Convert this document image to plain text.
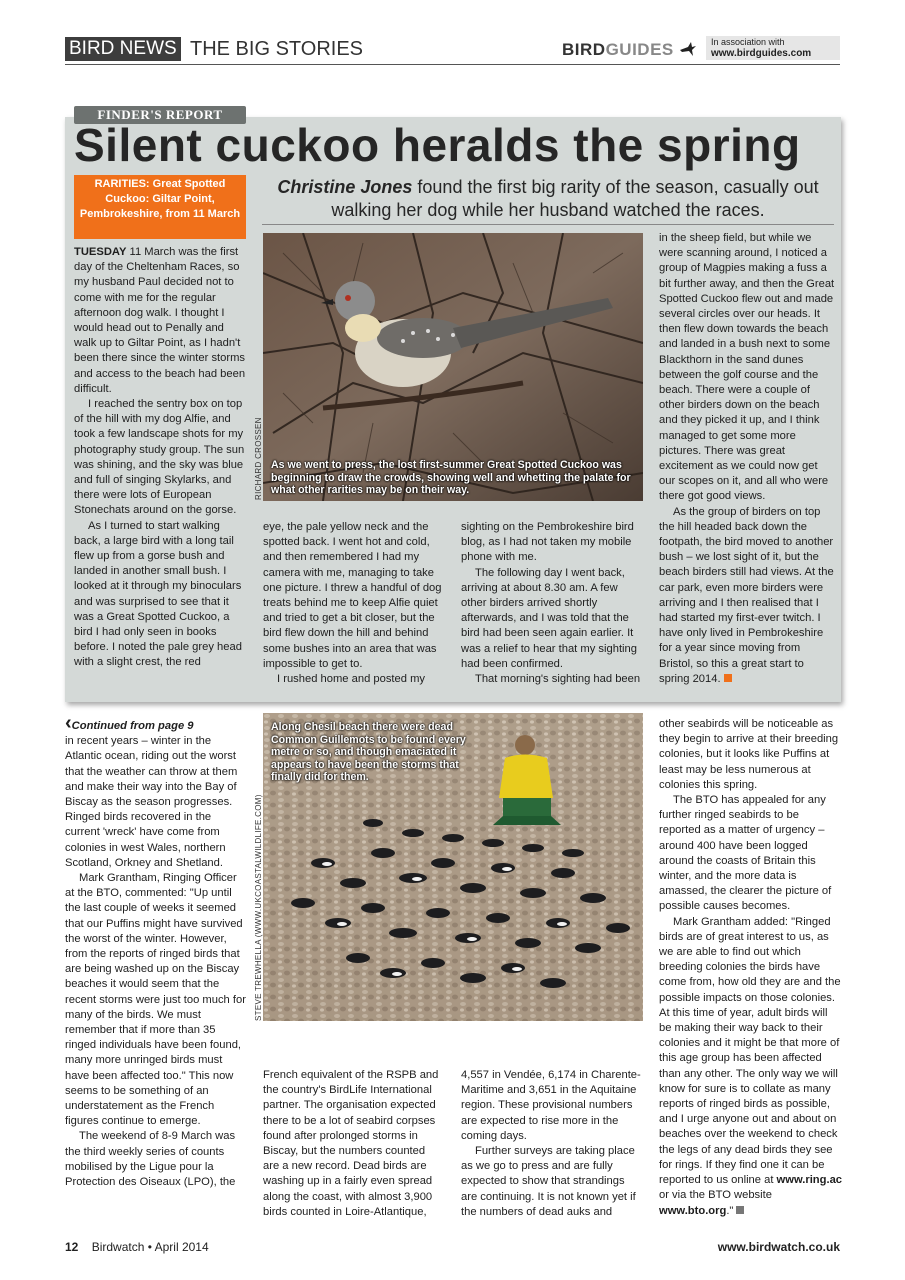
BIRD NEWS THE BIG STORIES	BIRDGUIDES	In association with
www.birdguides.com
FINDER'S REPORT
Silent cuckoo heralds the spring
RARITIES: Great Spotted Cuckoo: Giltar Point, Pembrokeshire, from 11 March
Christine Jones found the first big rarity of the season, casually out walking her dog while her husband watched the races.

TUESDAY 11 March was the first day of the Cheltenham Races, so my husband Paul decided not to come with me for the regular afternoon dog walk. I thought I would head out to Penally and walk up to Giltar Point, as I hadn't been there since the winter storms and access to the beach had been difficult.

I reached the sentry box on top of the hill with my dog Alfie, and took a few landscape shots for my photography study group. The sun was shining, and the sky was blue and full of singing Skylarks, and there were lots of European Stonechats around on the gorse.

As I turned to start walking back, a large bird with a long tail flew up from a gorse bush and landed in another small bush. I looked at it through my binoculars and was surprised to see that it was a Great Spotted Cuckoo, a bird I had only seen in books before. I noted the pale grey head with a slight crest, the red

As we went to press, the lost first-summer Great Spotted Cuckoo was beginning to draw the crowds, showing well and whetting the palate for what other rarities may be on their way.
RICHARD CROSSEN

eye, the pale yellow neck and the spotted back. I went hot and cold, and then remembered I had my camera with me, managing to take one picture. I threw a handful of dog treats behind me to keep Alfie quiet and tried to get a bit closer, but the bird flew down the hill and behind some bushes into an area that was impossible to get to.

I rushed home and posted my

sighting on the Pembrokeshire bird blog, as I had not taken my mobile phone with me.

The following day I went back, arriving at about 8.30 am. A few other birders arrived shortly afterwards, and I was told that the bird had been seen again earlier. It was a relief to hear that my sighting had been confirmed.

That morning's sighting had been

in the sheep field, but while we were scanning around, I noticed a group of Magpies making a fuss a bit further away, and then the Great Spotted Cuckoo flew out and made several circles over our heads. It then flew down towards the beach and landed in a bush next to some Blackthorn in the sand dunes between the golf course and the beach. There were a couple of other birders down on the beach and they picked it up, and I think managed to get some more pictures. There was great excitement as we could now get our scopes on it, and all who were there got good views.

As the group of birders on top the hill headed back down the footpath, the bird moved to another bush – we lost sight of it, but the beach birders still had views. At the car park, even more birders were arriving and I then realised that I had started my first-ever twitch. I have only lived in Pembrokeshire for a year since moving from Bristol, so this a great start to spring 2014.

‹Continued from page 9

in recent years – winter in the Atlantic ocean, riding out the worst that the weather can throw at them and make their way into the Bay of Biscay as the season progresses. Ringed birds recovered in the current 'wreck' have come from colonies in west Wales, northern Scotland, Orkney and Shetland.

Mark Grantham, Ringing Officer at the BTO, commented: "Up until the last couple of weeks it seemed that our Puffins might have survived the worst of the winter. However, from the reports of ringed birds that are being washed up on the Biscay beaches it would seem that the recent storms were just too much for many of the birds. We must remember that if more than 35 ringed individuals have been found, many more unringed birds must have been affected too." This now seems to be something of an understatement as the French figures continue to emerge.

The weekend of 8-9 March was the third weekly series of counts mobilised by the Ligue pour la Protection des Oiseaux (LPO), the

Along Chesil beach there were dead Common Guillemots to be found every metre or so, and though emaciated it appears to have been the storms that finally did for them.
STEVE TREWHELLA (WWW.UKCOASTALWILDLIFE.COM)

French equivalent of the RSPB and the country's BirdLife International partner. The organisation expected there to be a lot of seabird corpses found after prolonged storms in Biscay, but the numbers counted are a new record. Dead birds are washing up in a fairly even spread along the coast, with almost 3,900 birds counted in Loire-Atlantique,

4,557 in Vendée, 6,174 in Charente-Maritime and 3,651 in the Aquitaine region. These provisional numbers are expected to rise more in the coming days.

Further surveys are taking place as we go to press and are fully expected to show that strandings are continuing. It is not known yet if the numbers of dead auks and

other seabirds will be noticeable as they begin to arrive at their breeding colonies, but it looks like Puffins at least may be less numerous at colonies this spring.

The BTO has appealed for any further ringed seabirds to be reported as a matter of urgency – around 400 have been logged around the coasts of Britain this winter, and the more data is amassed, the clearer the picture of possible causes becomes.

Mark Grantham added: "Ringed birds are of great interest to us, as we are able to find out which breeding colonies the birds have come from, how old they are and the possible impacts on those colonies. At this time of year, adult birds will be making their way back to their colonies and it might be that more of this age group has been affected than any other. The only way we will know for sure is to collate as many reports of ringed birds as possible, and I urge anyone out and about on beaches over the weekend to check the legs of any dead birds they see for rings. If they find one it can be reported to us online at www.ring.ac or via the BTO website www.bto.org."

12 Birdwatch • April 2014	www.birdwatch.co.uk
